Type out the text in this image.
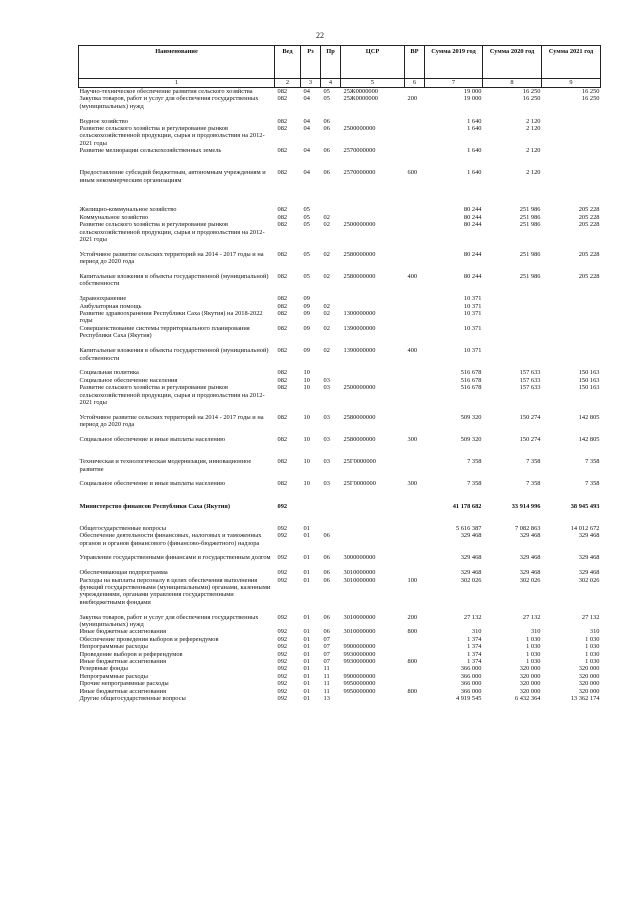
22
Наименование	Вед	Рз	Пр	ЦСР	ВР	Сумма 2019 год	Сумма 2020 год	Сумма 2021 год
1	2	3	4	5	6	7	8	9
Научно-техническое обеспечение развития сельского хозяйства	082	04	05	25Ж0000000		19 000	16 250	16 250
Закупка товаров, работ и услуг для обеспечения государственных (муниципальных) нужд	082	04	05	25Ж0000000	200	19 000	16 250	16 250

Водное хозяйство	082	04	06			1 640	2 120	
Развитие сельского хозяйства и регулирование рынков сельскохозяйственной продукции, сырья и продовольствия на 2012-2021 годы	082	04	06	2500000000		1 640	2 120	
Развитие мелиорации сельскохозяйственных земель	082	04	06	2570000000		1 640	2 120	

Предоставление субсидий бюджетным, автономным учреждениям и иным некоммерческим организациям	082	04	06	2570000000	600	1 640	2 120	

Жилищно-коммунальное хозяйство	082	05				80 244	251 986	205 228
Коммунальное хозяйство	082	05	02			80 244	251 986	205 228
Развитие сельского хозяйства и регулирование рынков сельскохозяйственной продукции, сырья и продовольствия на 2012-2021 годы	082	05	02	2500000000		80 244	251 986	205 228

Устойчивое развитие сельских территорий на 2014 - 2017 годы и на период до 2020 года	082	05	02	2580000000		80 244	251 986	205 228

Капитальные вложения в объекты государственной (муниципальной) собственности	082	05	02	2580000000	400	80 244	251 986	205 228

Здравоохранение	082	09				10 371		
Амбулаторная помощь	082	09	02			10 371		
Развитие здравоохранения Республики Саха (Якутия) на 2018-2022 годы	082	09	02	1300000000		10 371		
Совершенствование системы территориального планирования Республики Саха (Якутия)	082	09	02	1390000000		10 371		

Капитальные вложения в объекты государственной (муниципальной) собственности	082	09	02	1390000000	400	10 371		

Социальная политика	082	10				516 678	157 633	150 163
Социальное обеспечение населения	082	10	03			516 678	157 633	150 163
Развитие сельского хозяйства и регулирование рынков сельскохозяйственной продукции, сырья и продовольствия на 2012-2021 годы	082	10	03	2500000000		516 678	157 633	150 163

Устойчивое развитие сельских территорий на 2014 - 2017 годы и на период до 2020 года	082	10	03	2580000000		509 320	150 274	142 805

Социальное обеспечение и иные выплаты населению	082	10	03	2580000000	300	509 320	150 274	142 805

Техническая и технологическая модернизация, инновационное развитие	082	10	03	25Г0000000		7 358	7 358	7 358

Социальное обеспечение и иные выплаты населению	082	10	03	25Г0000000	300	7 358	7 358	7 358

Министерство финансов Республики Саха (Якутия)	092					41 178 682	33 914 996	38 945 493

Общегосударственные вопросы	092	01				5 616 387	7 082 863	14 012 672
Обеспечение деятельности финансовых, налоговых и таможенных органов и органов финансового (финансово-бюджетного) надзора	092	01	06			329 468	329 468	329 468

Управление государственными финансами и государственным долгом	092	01	06	3000000000		329 468	329 468	329 468

Обеспечивающая подпрограмма	092	01	06	3010000000		329 468	329 468	329 468
Расходы на выплаты персоналу в целях обеспечения выполнения функций государственными (муниципальными) органами, казенными учреждениями, органами управления государственными внебюджетными фондами	092	01	06	3010000000	100	302 026	302 026	302 026

Закупка товаров, работ и услуг для обеспечения государственных (муниципальных) нужд	092	01	06	3010000000	200	27 132	27 132	27 132
Иные бюджетные ассигнования	092	01	06	3010000000	800	310	310	310
Обеспечение проведения выборов и референдумов	092	01	07			1 374	1 030	1 030
Непрограммные расходы	092	01	07	9900000000		1 374	1 030	1 030
Проведение выборов и референдумов	092	01	07	9930000000		1 374	1 030	1 030
Иные бюджетные ассигнования	092	01	07	9930000000	800	1 374	1 030	1 030
Резервные фонды	092	01	11			366 000	320 000	320 000
Непрограммные расходы	092	01	11	9900000000		366 000	320 000	320 000
Прочие непрограммные расходы	092	01	11	9950000000		366 000	320 000	320 000
Иные бюджетные ассигнования	092	01	11	9950000000	800	366 000	320 000	320 000
Другие общегосударственные вопросы	092	01	13			4 919 545	6 432 364	13 362 174
